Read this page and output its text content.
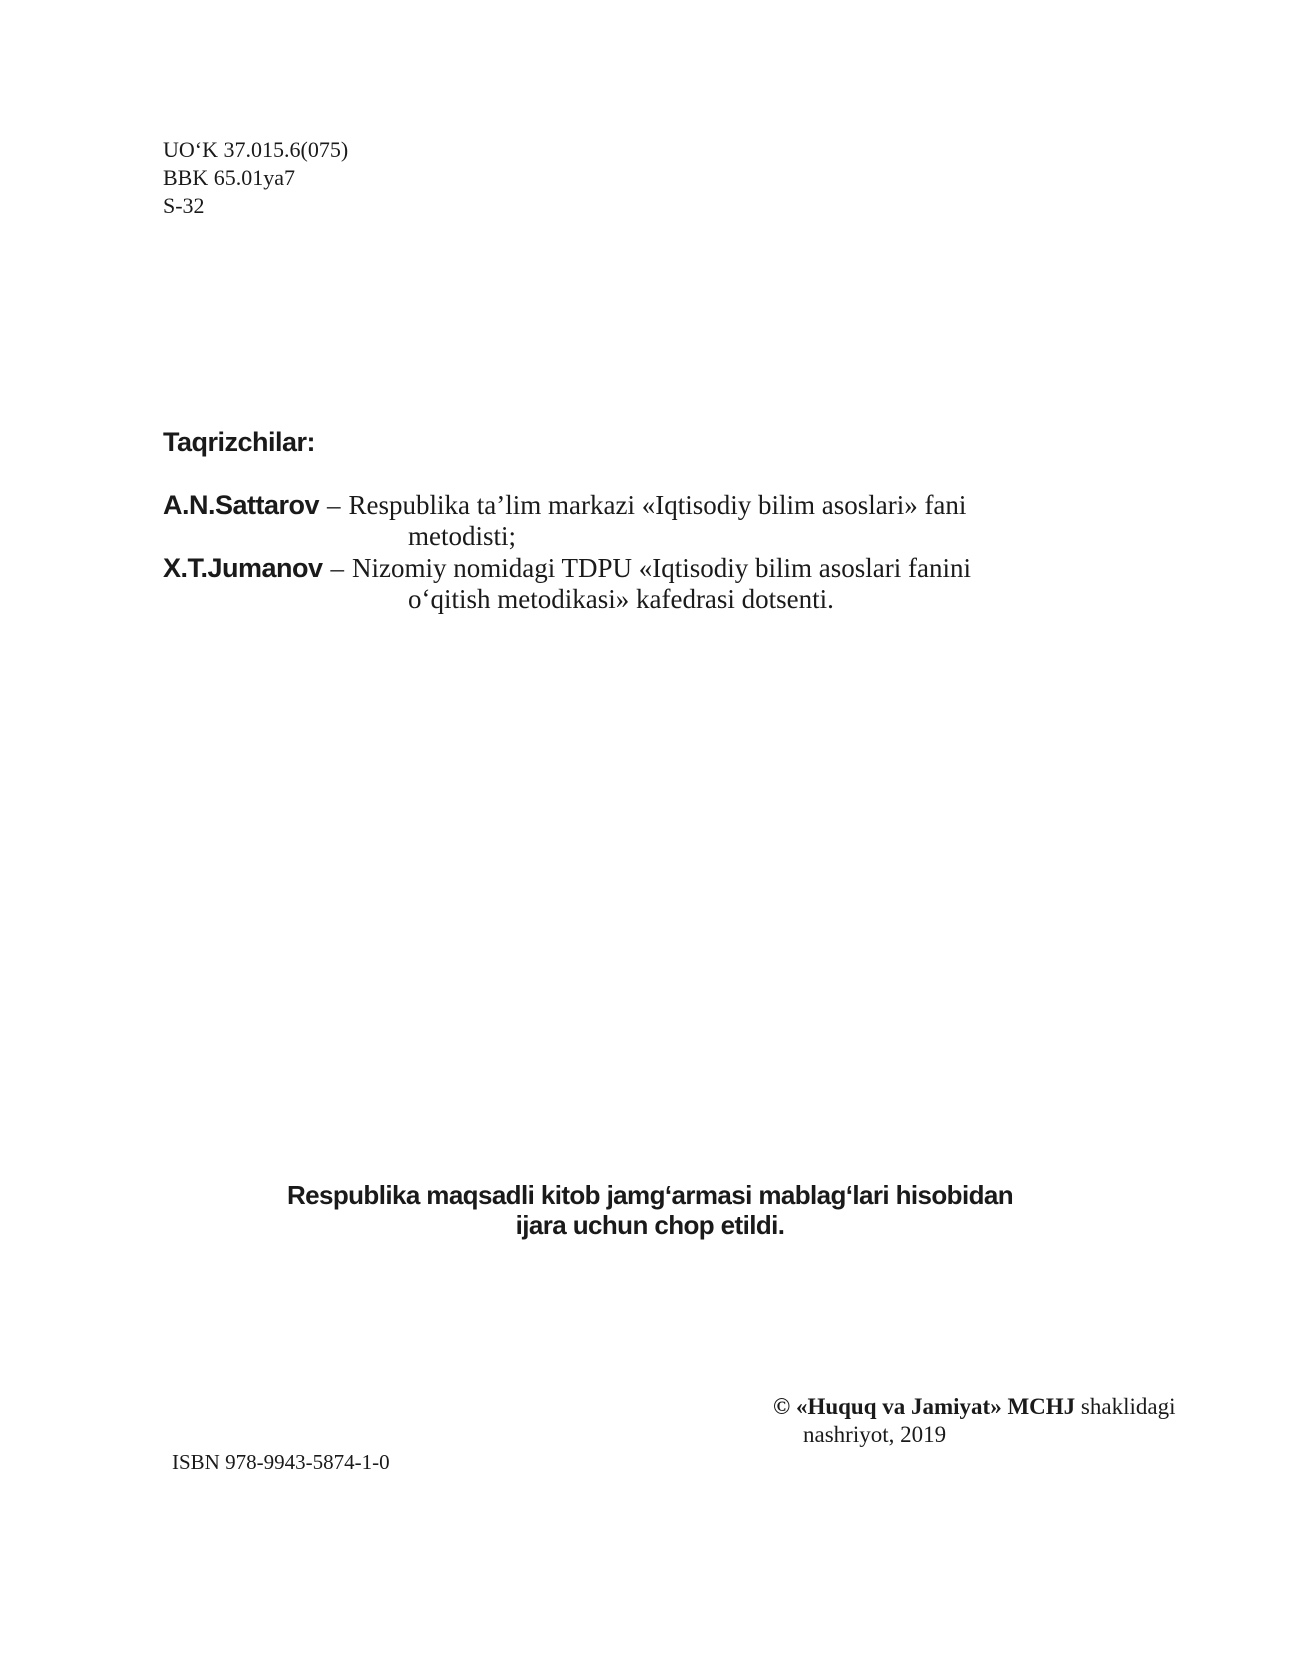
UO‘K 37.015.6(075)
BBK 65.01ya7
S-32
Taqrizchilar:
A.N.Sattarov – Respublika ta’lim markazi «Iqtisodiy bilim asoslari» fani
metodisti;
X.T.Jumanov – Nizomiy nomidagi TDPU «Iqtisodiy bilim asoslari fanini
o‘qitish metodikasi» kafedrasi dotsenti.
Respublika maqsadli kitob jamg‘armasi mablag‘lari hisobidan
ijara uchun chop etildi.
© «Huquq va Jamiyat» MCHJ shaklidagi
nashriyot, 2019
ISBN 978-9943-5874-1-0
